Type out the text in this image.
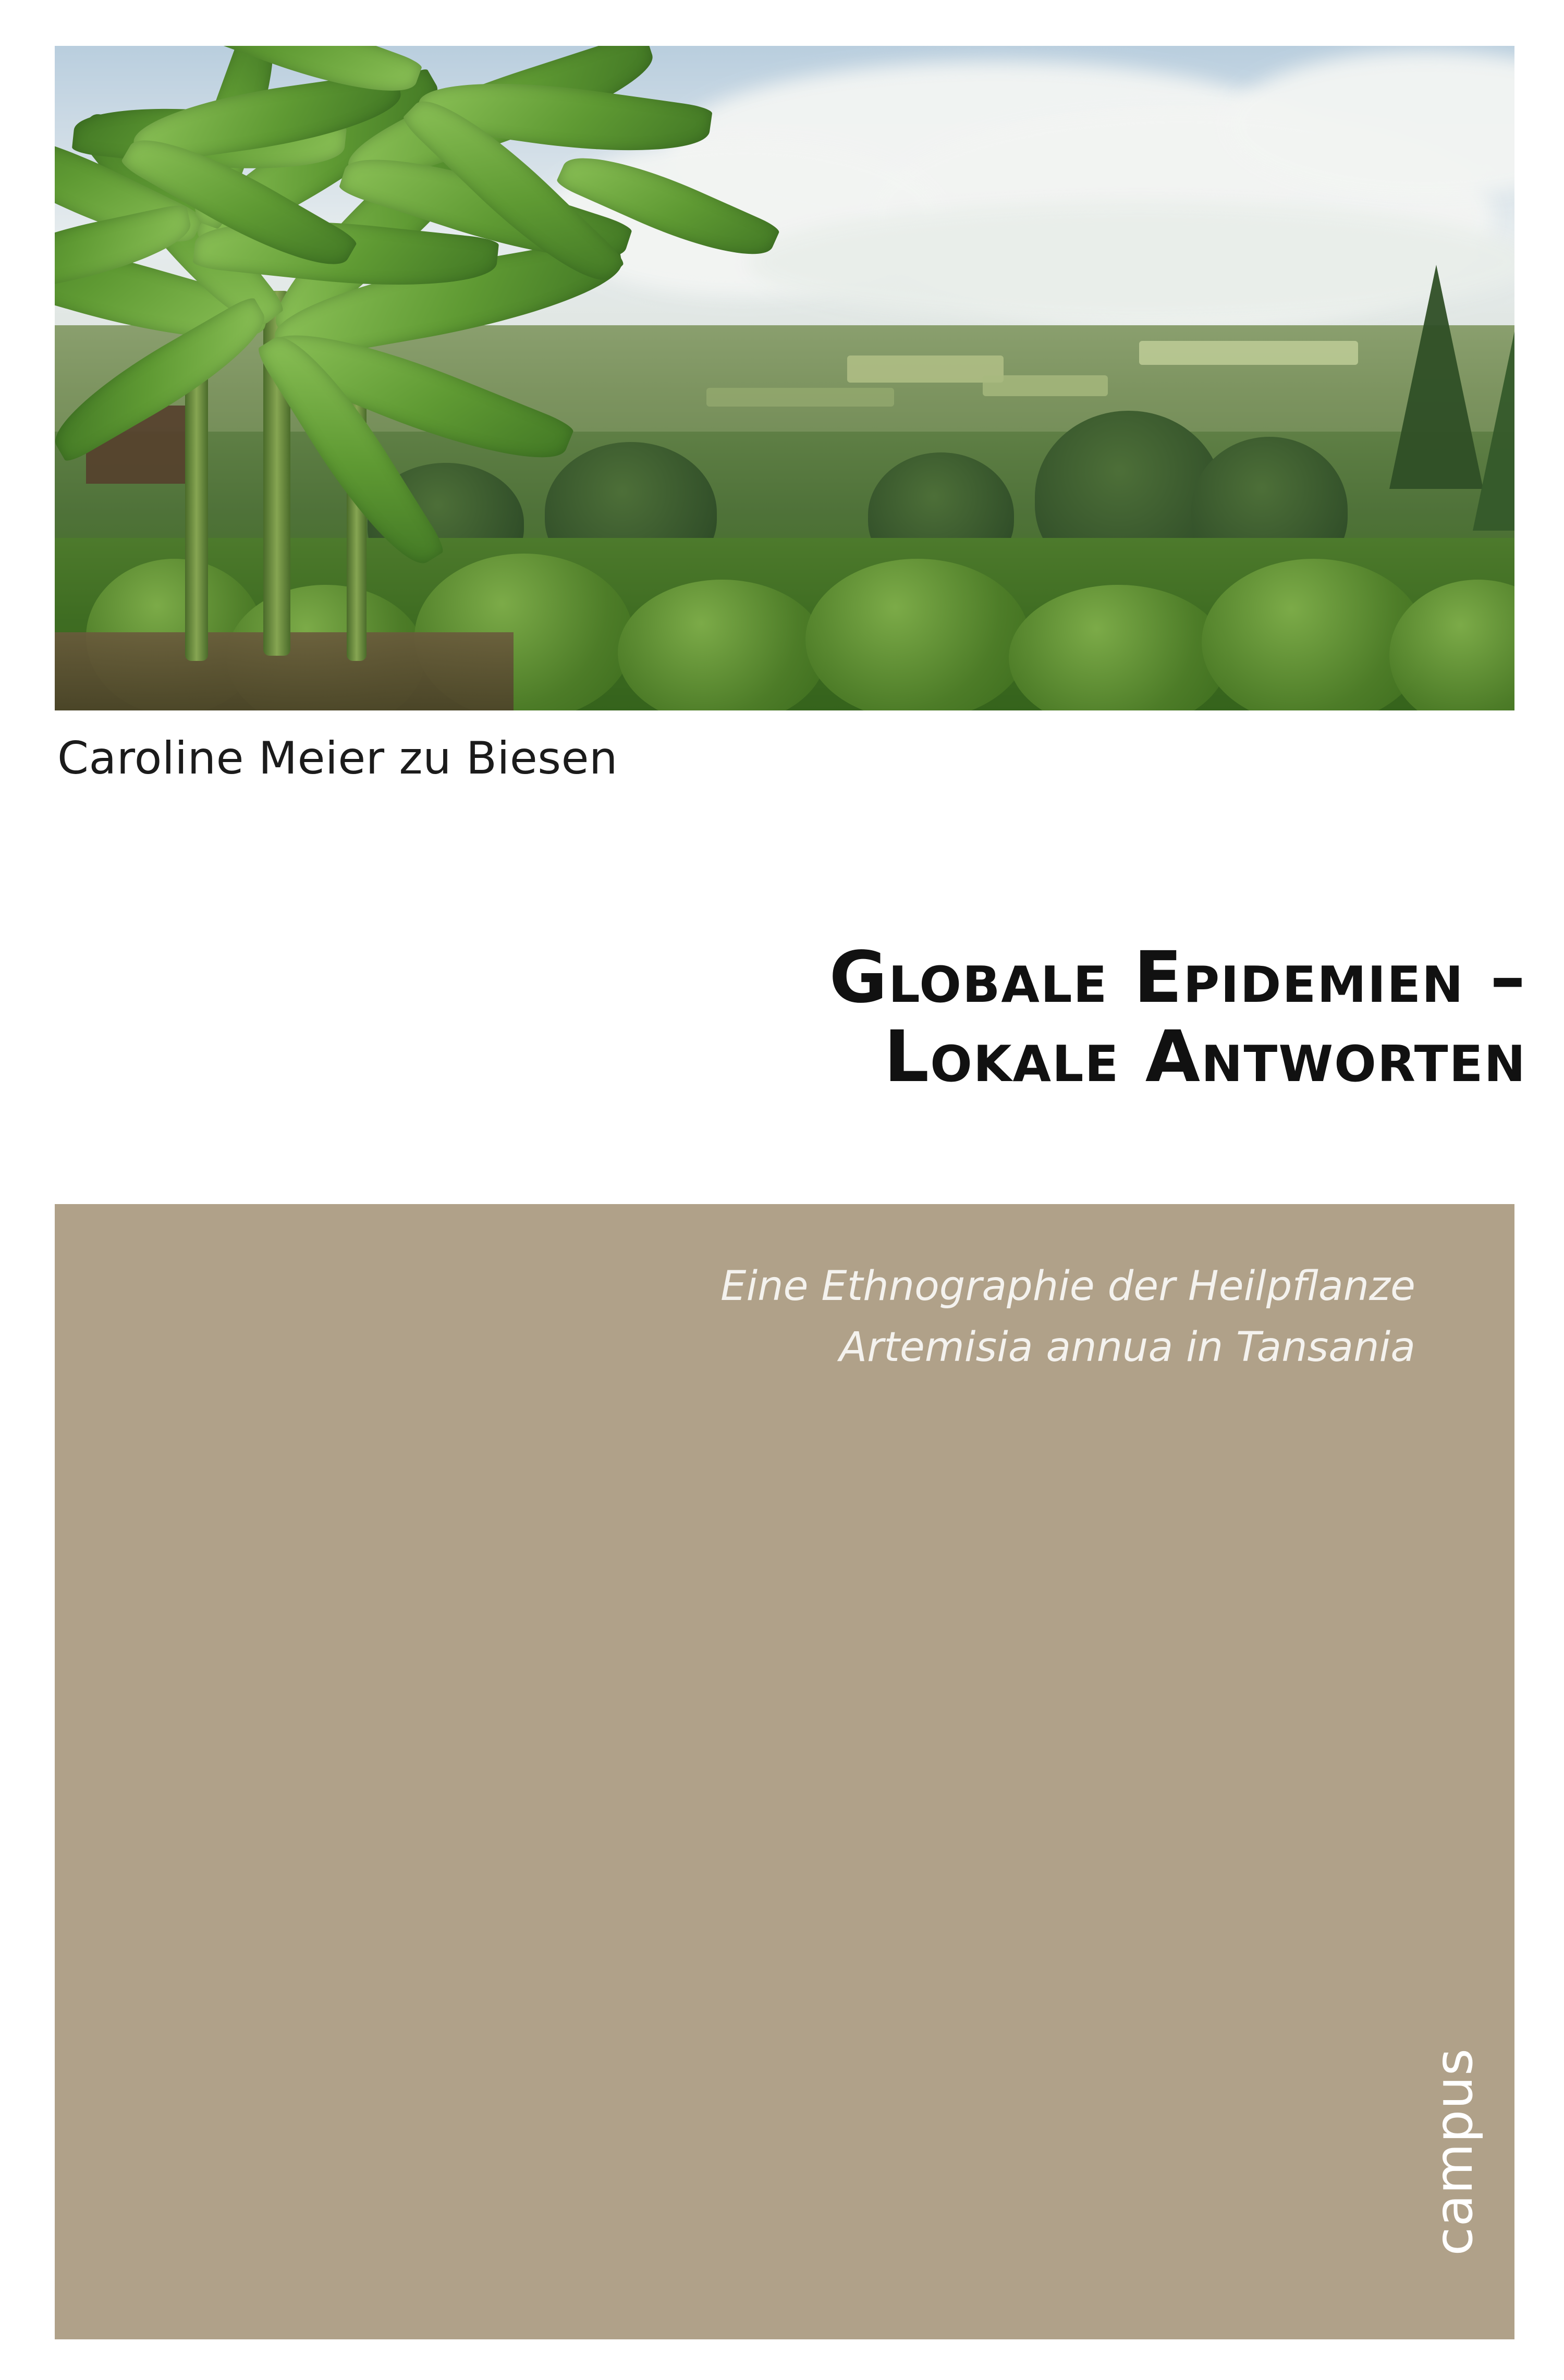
Caroline Meier zu Biesen
Globale Epidemien –
Lokale Antworten
Eine Ethnographie der Heilpflanze
Artemisia annua in Tansania
campus
